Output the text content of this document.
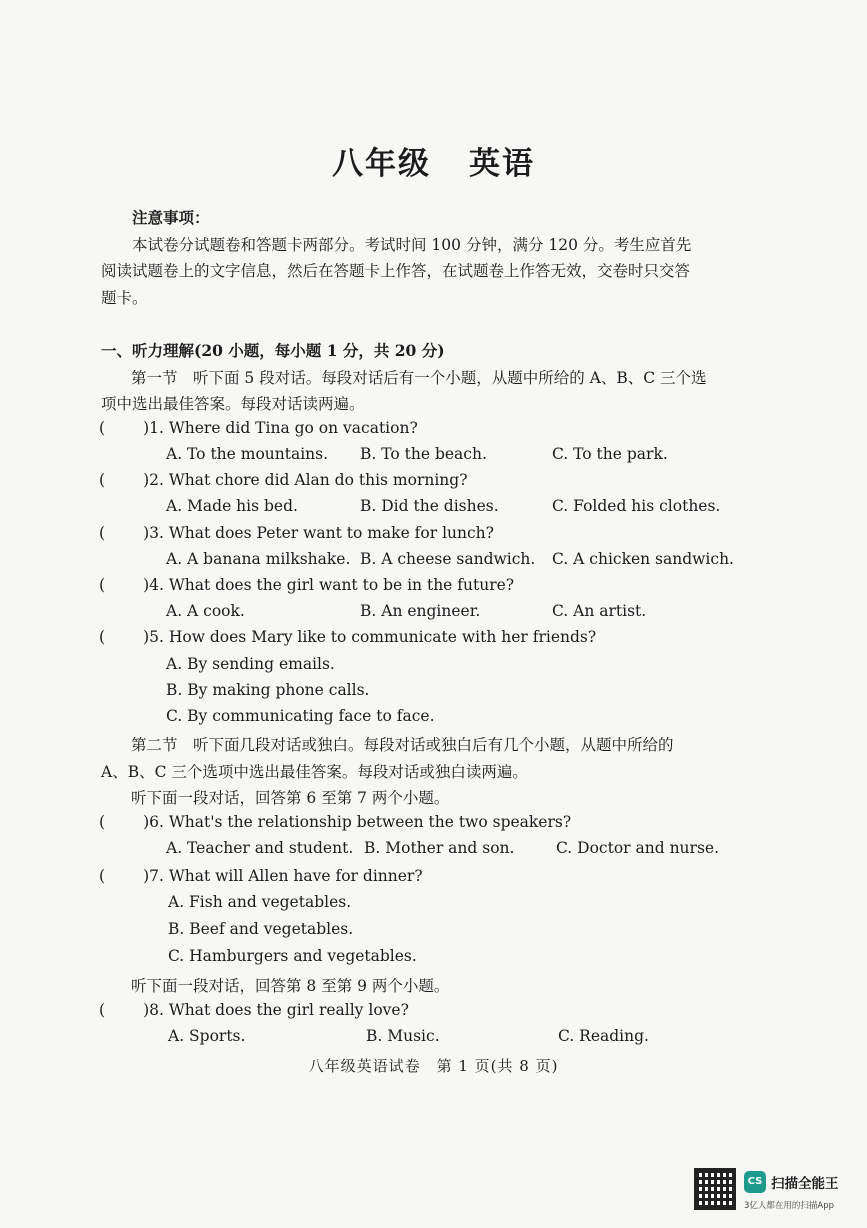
八年级 英语

注意事项：

本试卷分试题卷和答题卡两部分。考试时间 100 分钟，满分 120 分。考生应首先

阅读试题卷上的文字信息，然后在答题卡上作答，在试题卷上作答无效，交卷时只交答

题卡。

一、听力理解(20 小题，每小题 1 分，共 20 分)

第一节　听下面 5 段对话。每段对话后有一个小题，从题中所给的 A、B、C 三个选

项中选出最佳答案。每段对话读两遍。

( )1. Where did Tina go on vacation?
A. To the mountains. B. To the beach.	C. To the park.
( )2. What chore did Alan do this morning?
A. Made his bed.	B. Did the dishes.	C. Folded his clothes.
( )3. What does Peter want to make for lunch?
A. A banana milkshake. B. A cheese sandwich. C. A chicken sandwich.
( )4. What does the girl want to be in the future?
A. A cook.	B. An engineer.	C. An artist.
( )5. How does Mary like to communicate with her friends?
A. By sending emails.
B. By making phone calls.
C. By communicating face to face.

第二节　听下面几段对话或独白。每段对话或独白后有几个小题，从题中所给的

A、B、C 三个选项中选出最佳答案。每段对话或独白读两遍。

听下面一段对话，回答第 6 至第 7 两个小题。

( )6. What's the relationship between the two speakers?
A. Teacher and student. B. Mother and son.	C. Doctor and nurse.
( )7. What will Allen have for dinner?
A. Fish and vegetables.
B. Beef and vegetables.
C. Hamburgers and vegetables.

听下面一段对话，回答第 8 至第 9 两个小题。

( )8. What does the girl really love?
A. Sports.	B. Music.	C. Reading.
八年级英语试卷　第 1 页(共 8 页)
CS 扫描全能王
3亿人都在用的扫描App
